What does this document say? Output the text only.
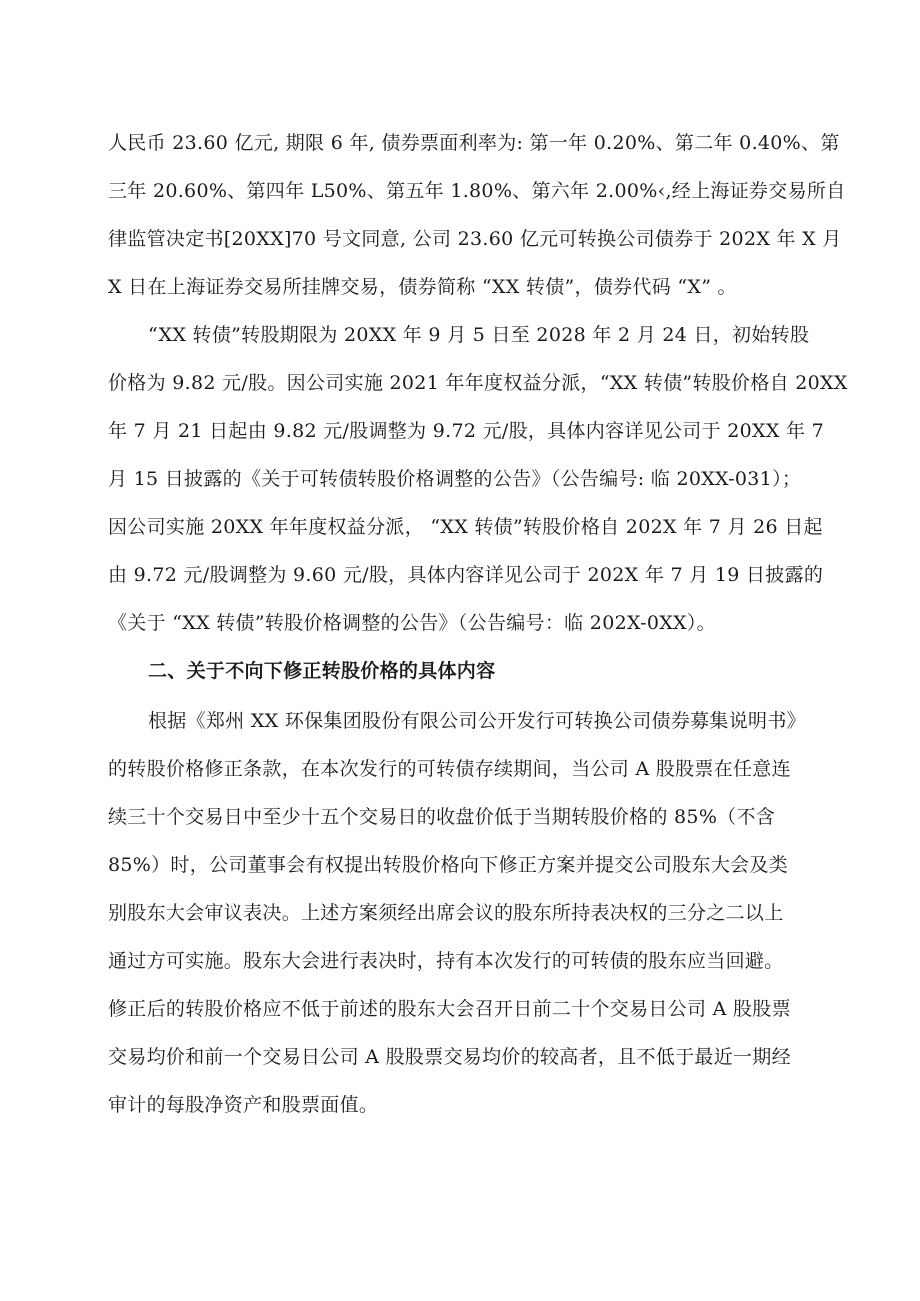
人民币 23.60 亿元, 期限 6 年, 债券票面利率为: 第一年 0.20%、第二年 0.40%、第
三年 20.60%、第四年 L50%、第五年 1.80%、第六年 2.00%‹,经上海证券交易所自
律监管决定书[20XX]70 号文同意, 公司 23.60 亿元可转换公司债券于 202X 年 X 月
X 日在上海证券交易所挂牌交易，债券简称 “XX 转债”，债券代码 “X” 。
“XX 转债”转股期限为 20XX 年 9 月 5 日至 2028 年 2 月 24 日，初始转股
价格为 9.82 元/股。因公司实施 2021 年年度权益分派，“XX 转债”转股价格自 20XX
年 7 月 21 日起由 9.82 元/股调整为 9.72 元/股，具体内容详见公司于 20XX 年 7
月 15 日披露的《关于可转债转股价格调整的公告》（公告编号: 临 20XX-031）；
因公司实施 20XX 年年度权益分派， “XX 转债”转股价格自 202X 年 7 月 26 日起
由 9.72 元/股调整为 9.60 元/股，具体内容详见公司于 202X 年 7 月 19 日披露的
《关于 “XX 转债”转股价格调整的公告》（公告编号：临 202X-0XX）。
二、关于不向下修正转股价格的具体内容
根据《郑州 XX 环保集团股份有限公司公开发行可转换公司债券募集说明书》
的转股价格修正条款，在本次发行的可转债存续期间，当公司 A 股股票在任意连
续三十个交易日中至少十五个交易日的收盘价低于当期转股价格的 85%（不含
85%）时，公司董事会有权提出转股价格向下修正方案并提交公司股东大会及类
别股东大会审议表决。上述方案须经出席会议的股东所持表决权的三分之二以上
通过方可实施。股东大会进行表决时，持有本次发行的可转债的股东应当回避。
修正后的转股价格应不低于前述的股东大会召开日前二十个交易日公司 A 股股票
交易均价和前一个交易日公司 A 股股票交易均价的较高者，且不低于最近一期经
审计的每股净资产和股票面值。
